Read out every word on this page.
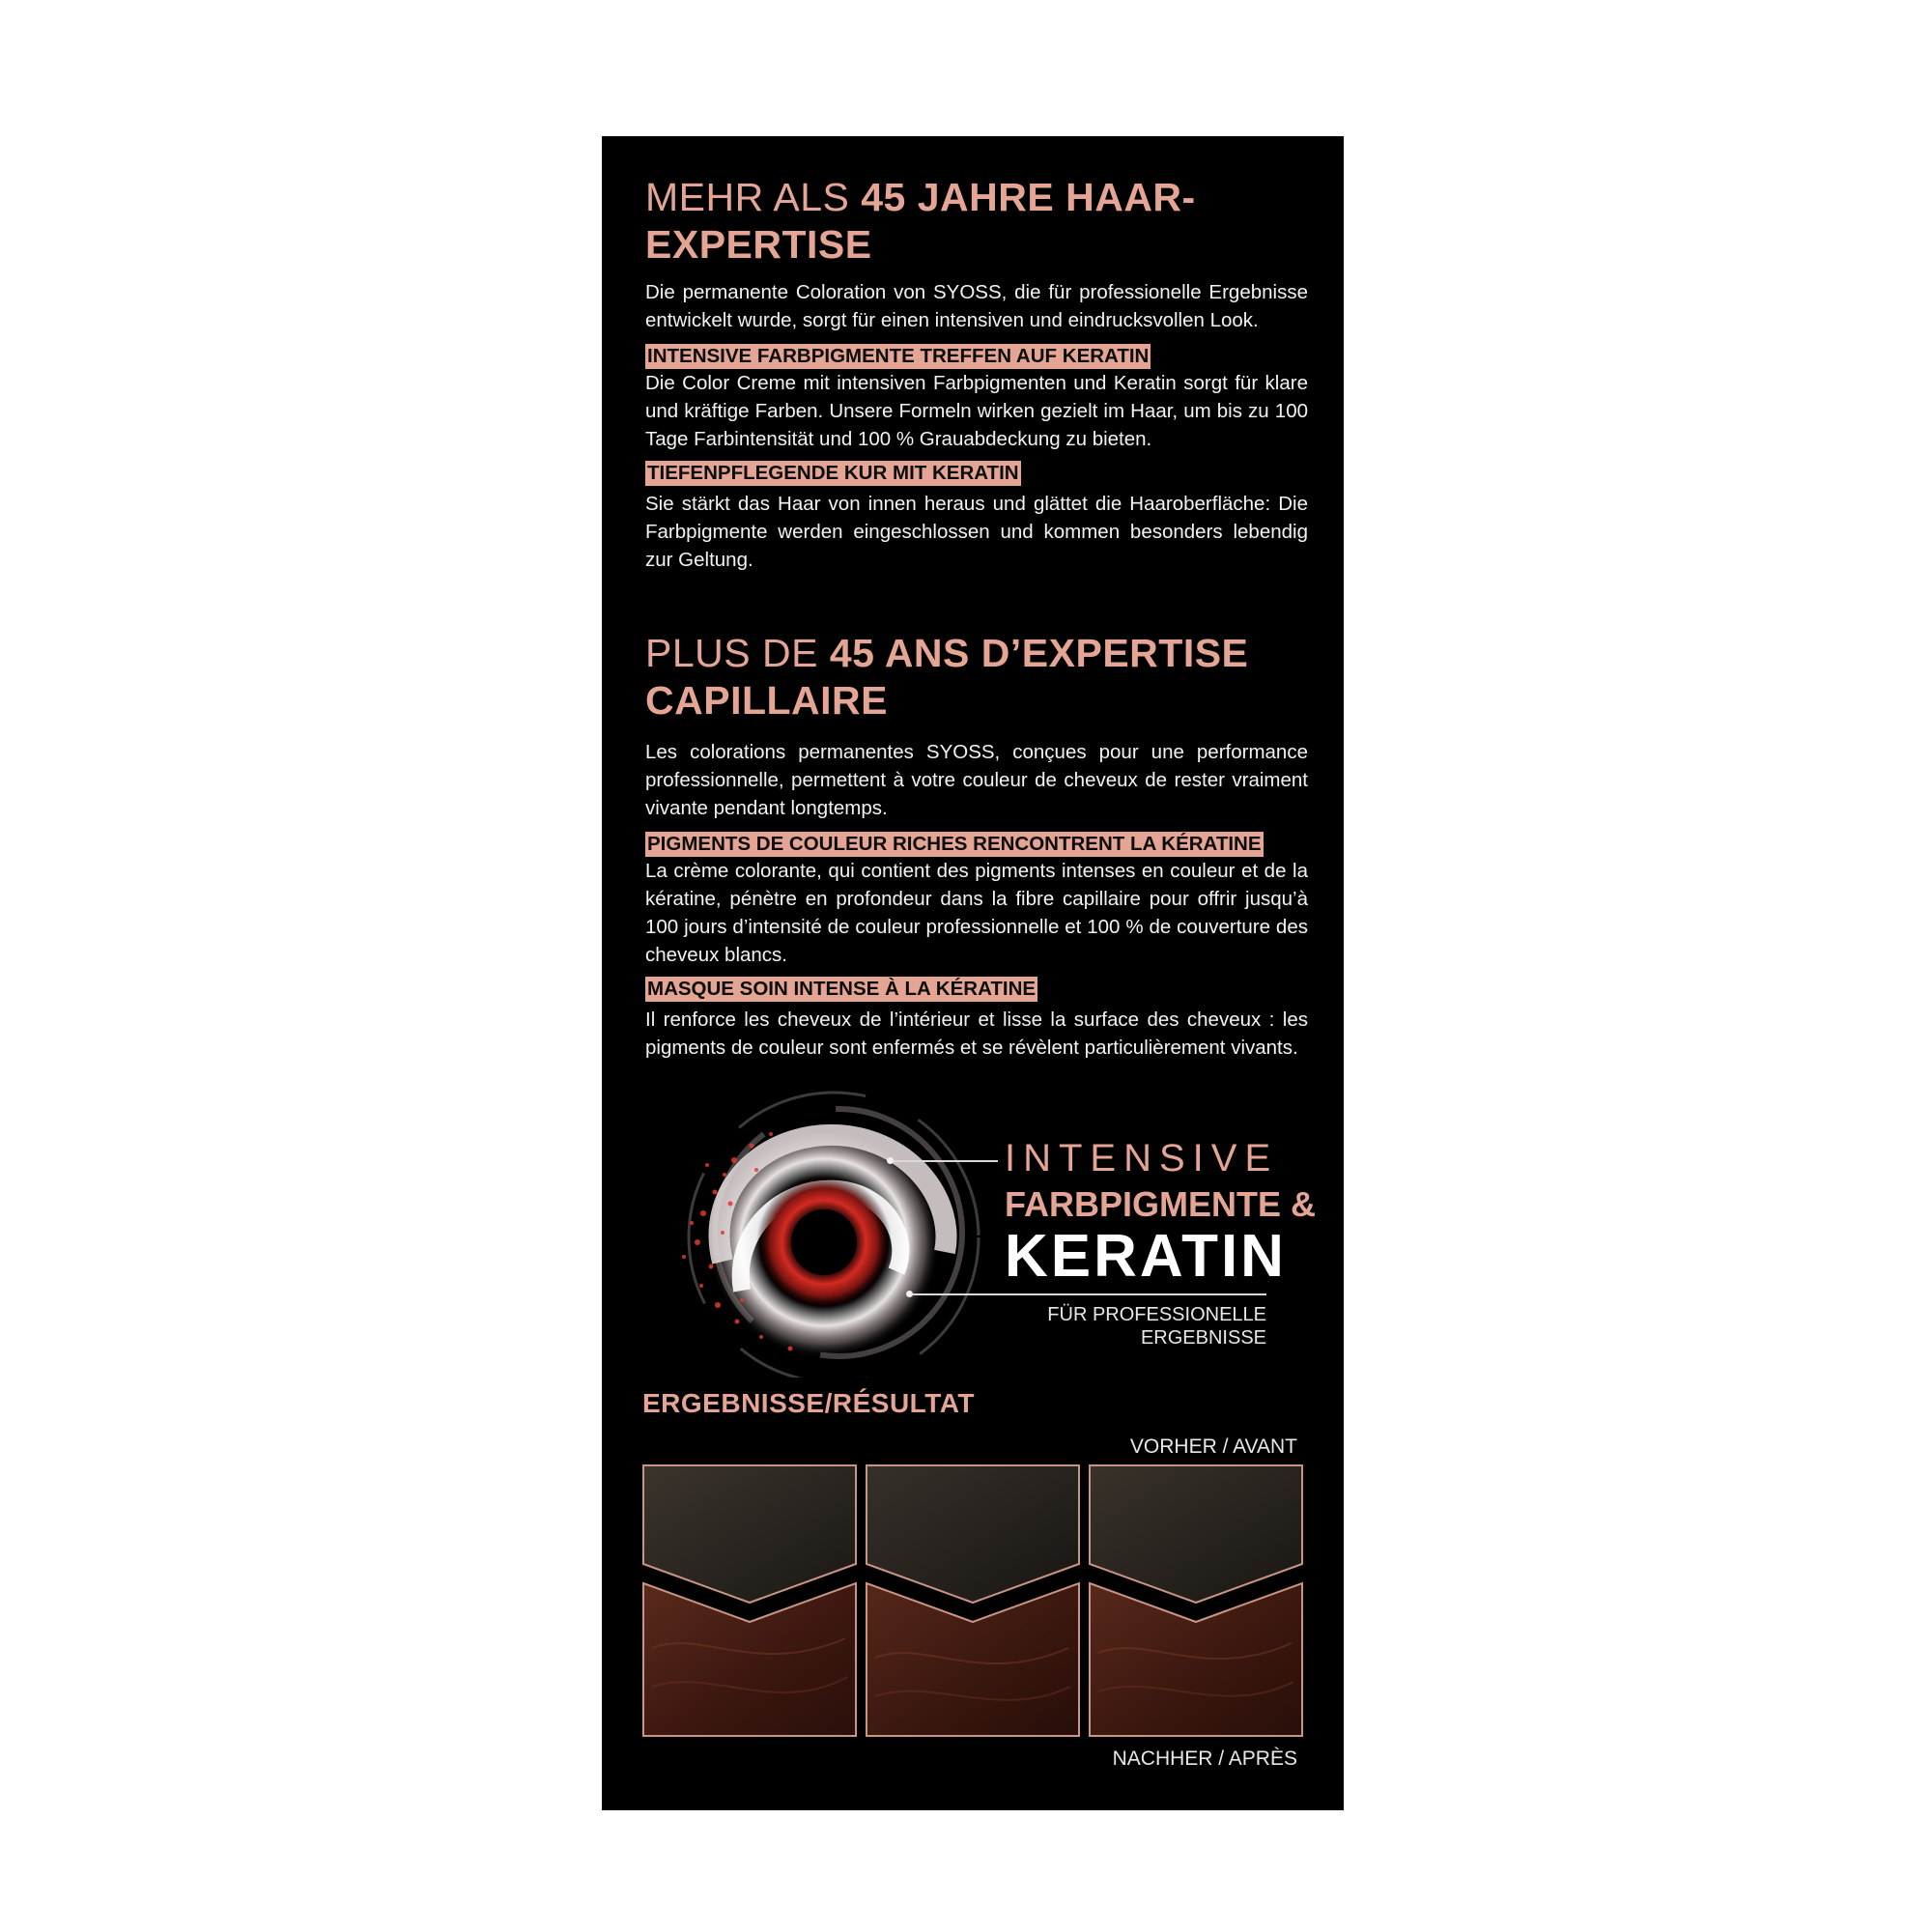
MEHR ALS 45 JAHRE HAAR-EXPERTISE

Die permanente Coloration von SYOSS, die für professionelle Ergebnisse entwickelt wurde, sorgt für einen intensiven und eindrucksvollen Look.

INTENSIVE FARBPIGMENTE TREFFEN AUF KERATIN

Die Color Creme mit intensiven Farbpigmenten und Keratin sorgt für klare und kräftige Farben. Unsere Formeln wirken gezielt im Haar, um bis zu 100 Tage Farbintensität und 100 % Grauabdeckung zu bieten.

TIEFENPFLEGENDE KUR MIT KERATIN

Sie stärkt das Haar von innen heraus und glättet die Haaroberfläche: Die Farbpigmente werden eingeschlossen und kommen besonders lebendig zur Geltung.

PLUS DE 45 ANS D’EXPERTISE CAPILLAIRE

Les colorations permanentes SYOSS, conçues pour une performance professionnelle, permettent à votre couleur de cheveux de rester vraiment vivante pendant longtemps.

PIGMENTS DE COULEUR RICHES RENCONTRENT LA KÉRATINE

La crème colorante, qui contient des pigments intenses en couleur et de la kératine, pénètre en profondeur dans la fibre capillaire pour offrir jusqu’à 100 jours d’intensité de couleur professionnelle et 100 % de couverture des cheveux blancs.

MASQUE SOIN INTENSE À LA KÉRATINE

Il renforce les cheveux de l’intérieur et lisse la surface des cheveux : les pigments de couleur sont enfermés et se révèlent particulièrement vivants.

INTENSIVE
FARBPIGMENTE &
KERATIN
FÜR PROFESSIONELLE ERGEBNISSE
ERGEBNISSE/RÉSULTAT
VORHER / AVANT
NACHHER / APRÈS
